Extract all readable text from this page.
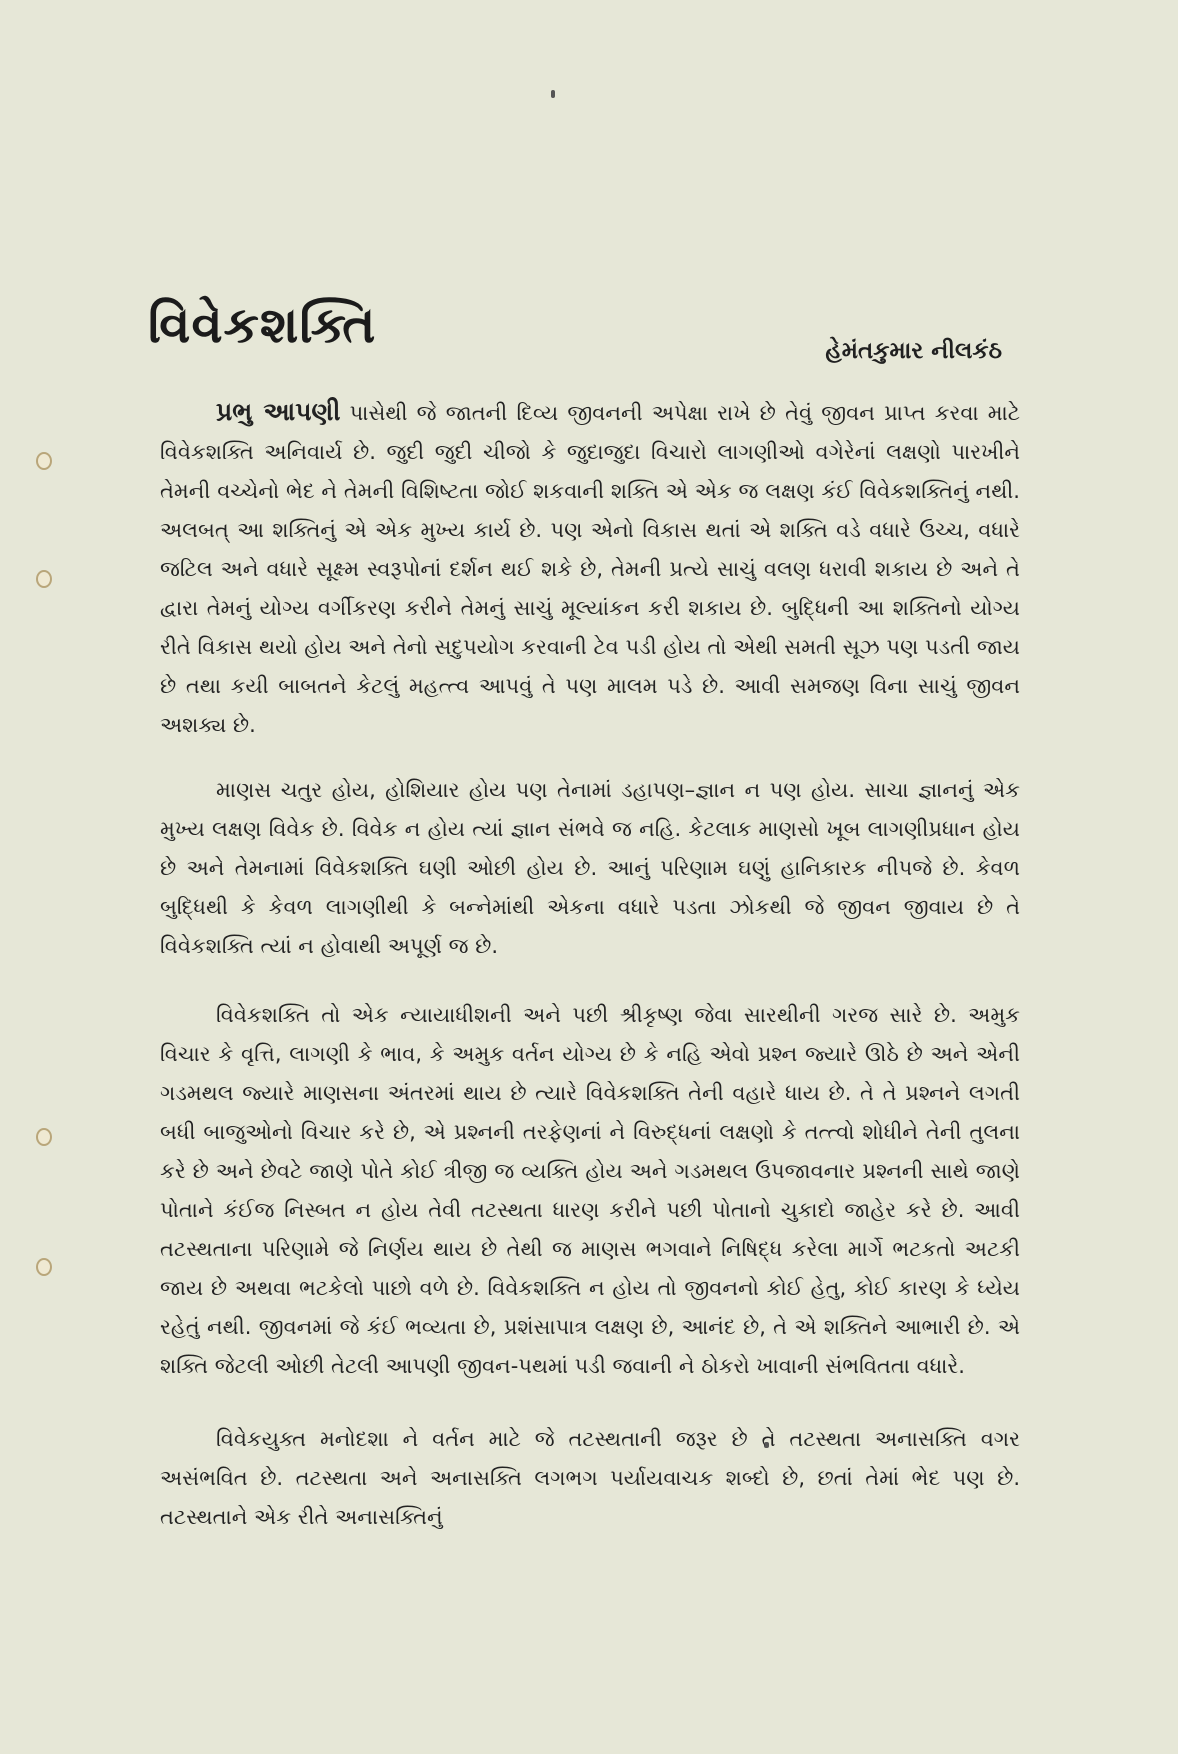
વિવેકશક્તિ	હેમંતકુમાર નીલકંઠ

પ્રભુ આપણી પાસેથી જે જાતની દિવ્ય જીવનની અપેક્ષા રાખે છે તેવું જીવન પ્રાપ્ત કરવા માટે વિવેકશક્તિ અનિવાર્ય છે. જુદી જુદી ચીજો કે જુદાજુદા વિચારો લાગણીઓ વગેરેનાં લક્ષણો પારખીને તેમની વચ્ચેનો ભેદ ને તેમની વિશિષ્ટતા જોઈ શકવાની શક્તિ એ એક જ લક્ષણ કંઈ વિવેકશક્તિનું નથી. અલબત્ આ શક્તિનું એ એક મુખ્ય કાર્ય છે. પણ એનો વિકાસ થતાં એ શક્તિ વડે વધારે ઉચ્ચ, વધારે જટિલ અને વધારે સૂક્ષ્મ સ્વરૂપોનાં દર્શન થઈ શકે છે, તેમની પ્રત્યે સાચું વલણ ધરાવી શકાય છે અને તે દ્વારા તેમનું યોગ્ય વર્ગીકરણ કરીને તેમનું સાચું મૂલ્યાંકન કરી શકાય છે. બુદ્ધિની આ શક્તિનો યોગ્ય રીતે વિકાસ થયો હોય અને તેનો સદુપયોગ કરવાની ટેવ પડી હોય તો એથી સમતી સૂઝ પણ પડતી જાય છે તથા કયી બાબતને કેટલું મહત્ત્વ આપવું તે પણ માલમ પડે છે. આવી સમજણ વિના સાચું જીવન અશક્ય છે.

માણસ ચતુર હોય, હોશિયાર હોય પણ તેનામાં ડહાપણ–જ્ઞાન ન પણ હોય. સાચા જ્ઞાનનું એક મુખ્ય લક્ષણ વિવેક છે. વિવેક ન હોય ત્યાં જ્ઞાન સંભવે જ નહિ. કેટલાક માણસો ખૂબ લાગણીપ્રધાન હોય છે અને તેમનામાં વિવેકશક્તિ ઘણી ઓછી હોય છે. આનું પરિણામ ઘણું હાનિકારક નીપજે છે. કેવળ બુદ્ધિથી કે કેવળ લાગણીથી કે બન્નેમાંથી એકના વધારે પડતા ઝોકથી જે જીવન જીવાય છે તે વિવેકશક્તિ ત્યાં ન હોવાથી અપૂર્ણ જ છે.

વિવેકશક્તિ તો એક ન્યાયાધીશની અને પછી શ્રીકૃષ્ણ જેવા સારથીની ગરજ સારે છે. અમુક વિચાર કે વૃત્તિ, લાગણી કે ભાવ, કે અમુક વર્તન યોગ્ય છે કે નહિ એવો પ્રશ્ન જ્યારે ઊઠે છે અને એની ગડમથલ જ્યારે માણસના અંતરમાં થાય છે ત્યારે વિવેકશક્તિ તેની વહારે ધાય છે. તે તે પ્રશ્નને લગતી બધી બાજુઓનો વિચાર કરે છે, એ પ્રશ્નની તરફેણનાં ને વિરુદ્ધનાં લક્ષણો કે તત્ત્વો શોધીને તેની તુલના કરે છે અને છેવટે જાણે પોતે કોઈ ત્રીજી જ વ્યક્તિ હોય અને ગડમથલ ઉપજાવનાર પ્રશ્નની સાથે જાણે પોતાને કંઈજ નિસ્બત ન હોય તેવી તટસ્થતા ધારણ કરીને પછી પોતાનો ચુકાદો જાહેર કરે છે. આવી તટસ્થતાના પરિણામે જે નિર્ણય થાય છે તેથી જ માણસ ભગવાને નિષિદ્ધ કરેલા માર્ગે ભટકતો અટકી જાય છે અથવા ભટકેલો પાછો વળે છે. વિવેકશક્તિ ન હોય તો જીવનનો કોઈ હેતુ, કોઈ કારણ કે ધ્યેય રહેતું નથી. જીવનમાં જે કંઈ ભવ્યતા છે, પ્રશંસાપાત્ર લક્ષણ છે, આનંદ છે, તે એ શક્તિને આભારી છે. એ શક્તિ જેટલી ઓછી તેટલી આપણી જીવન-પથમાં પડી જવાની ને ઠોકરો ખાવાની સંભવિતતા વધારે.

વિવેકયુક્ત મનોદશા ને વર્તન માટે જે તટસ્થતાની જરૂર છે તે તટસ્થતા અનાસક્તિ વગર અસંભવિત છે. તટસ્થતા અને અનાસક્તિ લગભગ પર્યાયવાચક શબ્દો છે, છતાં તેમાં ભેદ પણ છે. તટસ્થતાને એક રીતે અનાસક્તિનું
